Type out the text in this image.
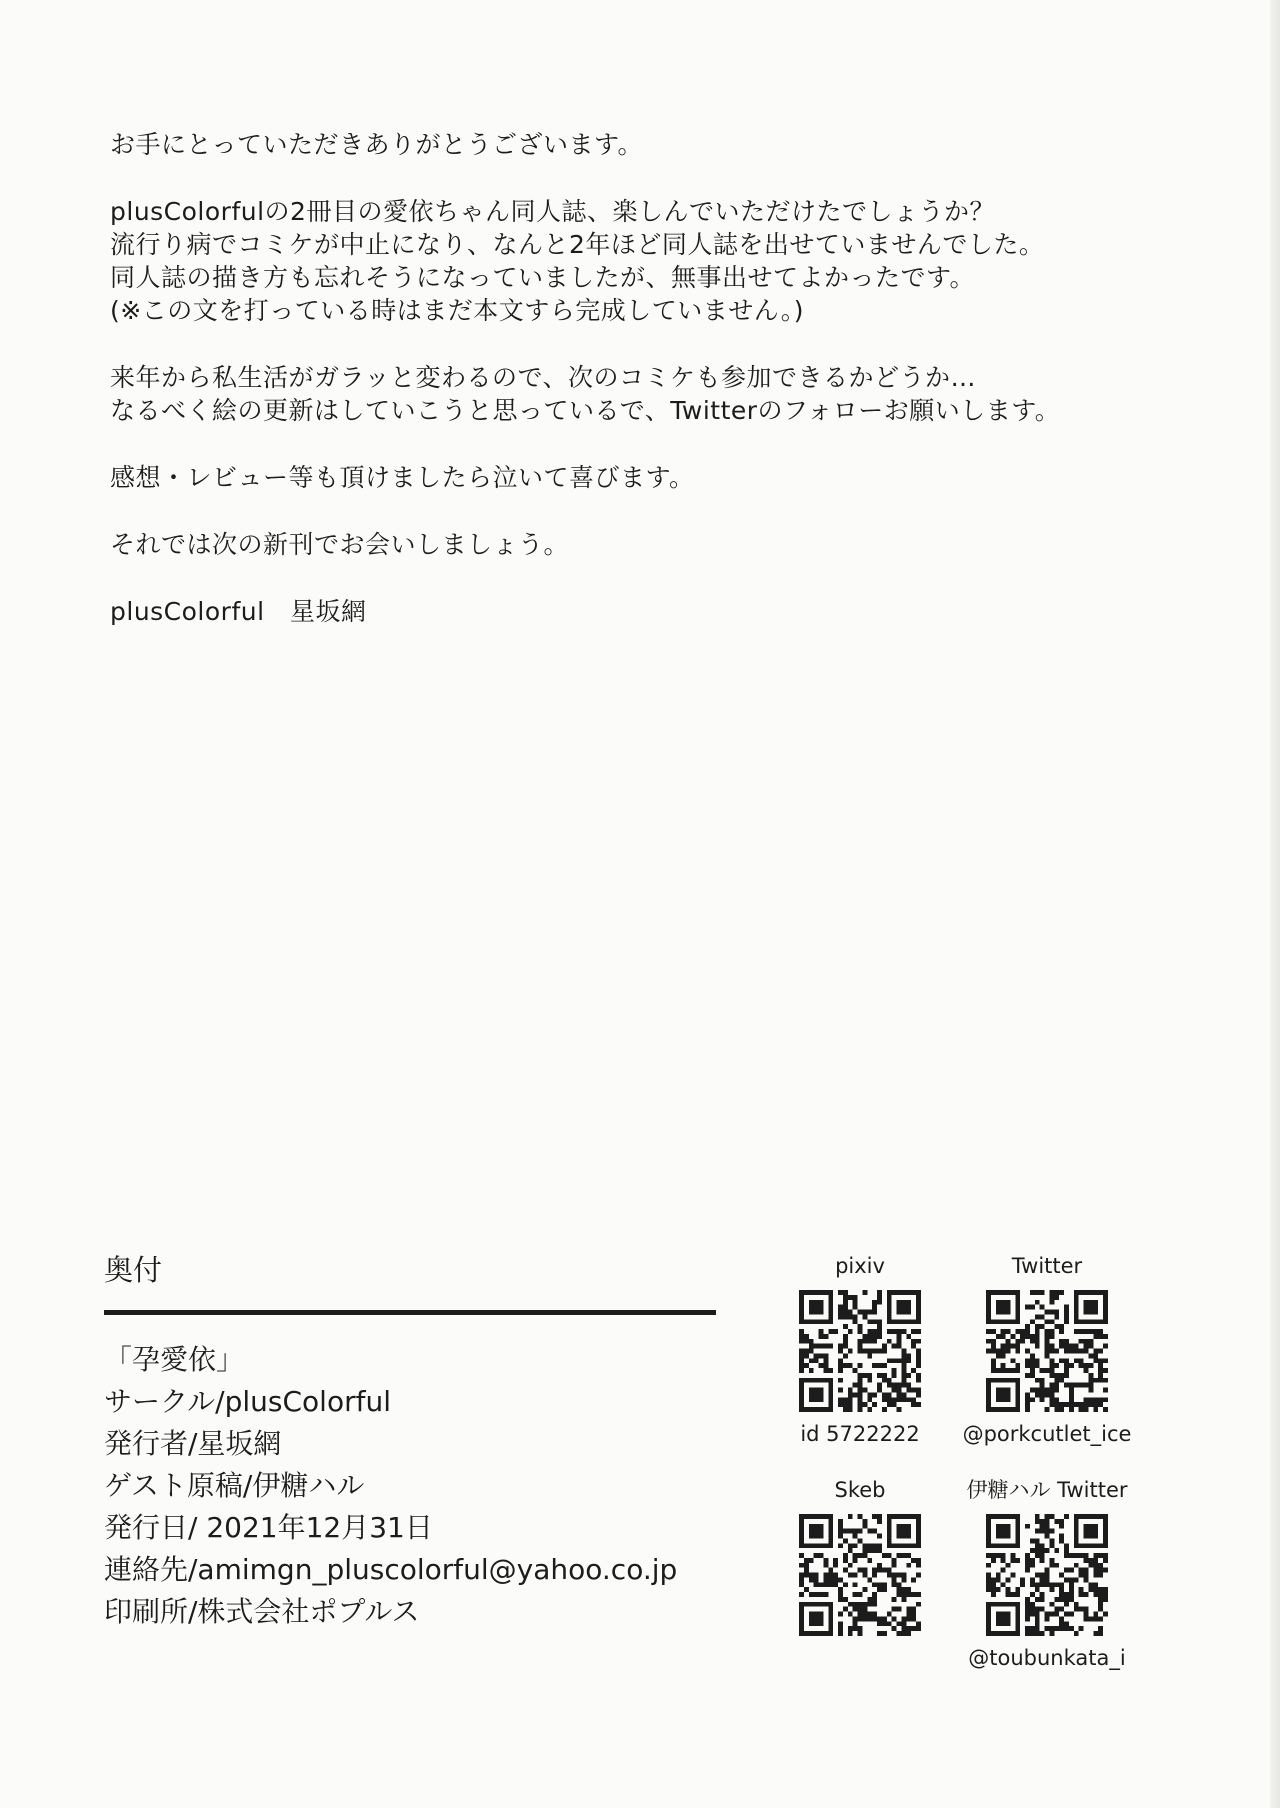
お手にとっていただきありがとうございます。
plusColorfulの2冊目の愛依ちゃん同人誌、楽しんでいただけたでしょうか？
流行り病でコミケが中止になり、なんと2年ほど同人誌を出せていませんでした。
同人誌の描き方も忘れそうになっていましたが、無事出せてよかったです。
(※この文を打っている時はまだ本文すら完成していません。)
来年から私生活がガラッと変わるので、次のコミケも参加できるかどうか…
なるべく絵の更新はしていこうと思っているで、Twitterのフォローお願いします。
感想・レビュー等も頂けましたら泣いて喜びます。
それでは次の新刊でお会いしましょう。
plusColorful　星坂網
奥付
「孕愛依」
サークル/plusColorful
発行者/星坂網
ゲスト原稿/伊糖ハル
発行日/ 2021年12月31日
連絡先/amimgn_pluscolorful@yahoo.co.jp
印刷所/株式会社ポプルス
pixiv
id 5722222
Twitter
@porkcutlet_ice
Skeb	伊糖ハル Twitter
@toubunkata_i
